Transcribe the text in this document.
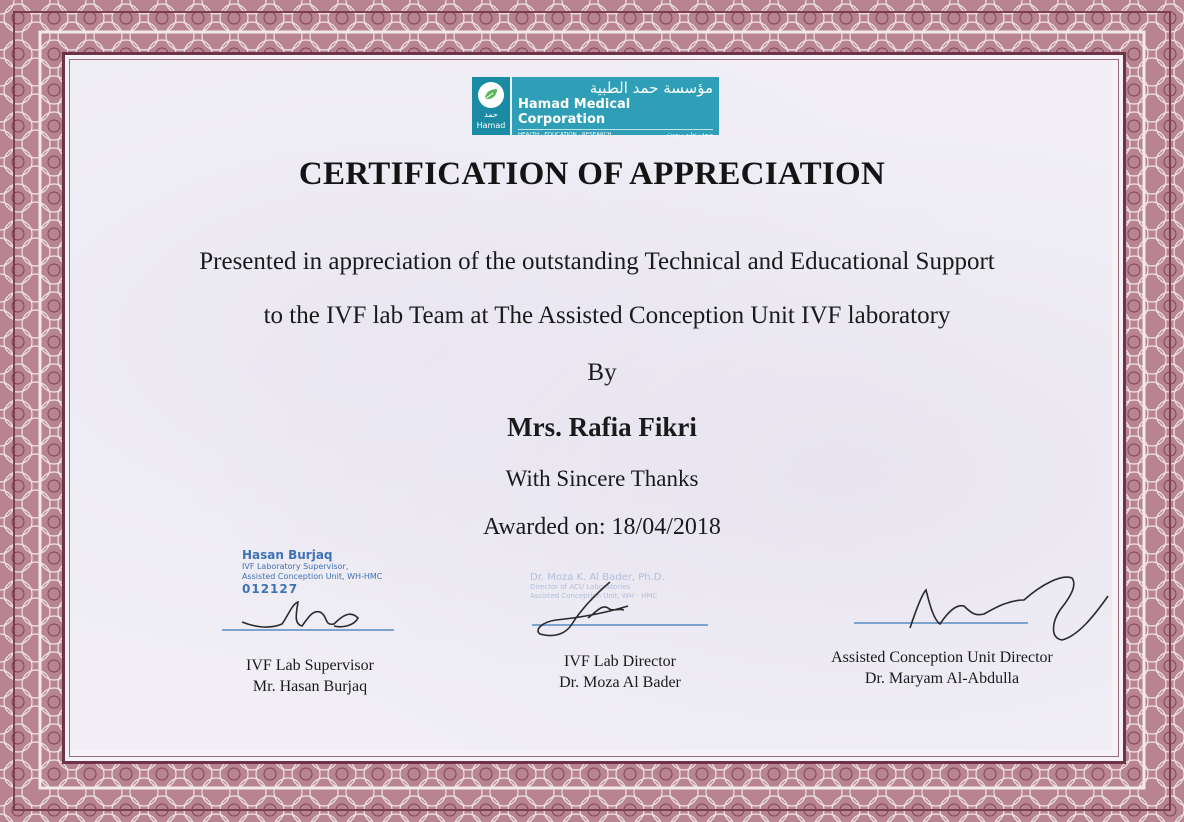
حمد
Hamad
مؤسسة حمد الطبية
Hamad Medical Corporation
HEALTH · EDUCATION · RESEARCH	صحة · تعليم · بحوث
CERTIFICATION OF APPRECIATION
Presented in appreciation of the outstanding Technical and Educational Support
to the IVF lab Team at The Assisted Conception Unit IVF laboratory
By
Mrs. Rafia Fikri
With Sincere Thanks
Awarded on: 18/04/2018
Hasan Burjaq
IVF Laboratory Supervisor,
Assisted Conception Unit, WH-HMC
012127
Dr. Moza K. Al Bader, Ph.D.
Director of ACU Laboratories
Assisted Conception Unit, WH - HMC
IVF Lab Supervisor
Mr. Hasan Burjaq
IVF Lab Director
Dr. Moza Al Bader
Assisted Conception Unit Director
Dr. Maryam Al-Abdulla
